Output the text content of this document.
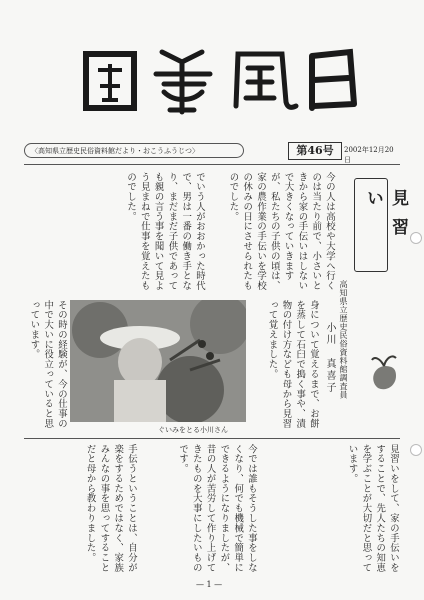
〈高知県立歴史民俗資料館だより・おこうふうじつ〉	第46号	2002年12月20日
見習い
高知県立歴史民俗資料館調査員
小川　真喜子
今の人は高校や大学へ行くのは当たり前で、小さいときから家の手伝いはしないで大きくなっていきますが、私たちの子供の頃は、家の農作業の手伝いを学校の休みの日にさせられたものでした。
でいう人がおおかった時代で、男は一番の働き手となり、まだまだ子供であっても親の言う事を聞いて見よう見まねで仕事を覚えたものでした。
身について覚えるまで、お餅を蒸して石臼で搗く事や、漬物の付け方なども母から見習って覚えました。
その時の経験が、今の仕事の中で大いに役立っていると思っています。
ぐいみをとる小川さん
見習いをして、家の手伝いをすることで、先人たちの知恵を学ぶことが大切だと思っています。
今では誰もそうした事をしなくなり、何でも機械で簡単にできるようになりましたが、昔の人が苦労して作り上げてきたものを大事にしたいものです。
手伝うということは、自分が楽をするためではなく、家族みんなの事を思ってすることだと母から教わりました。
— 1 —
